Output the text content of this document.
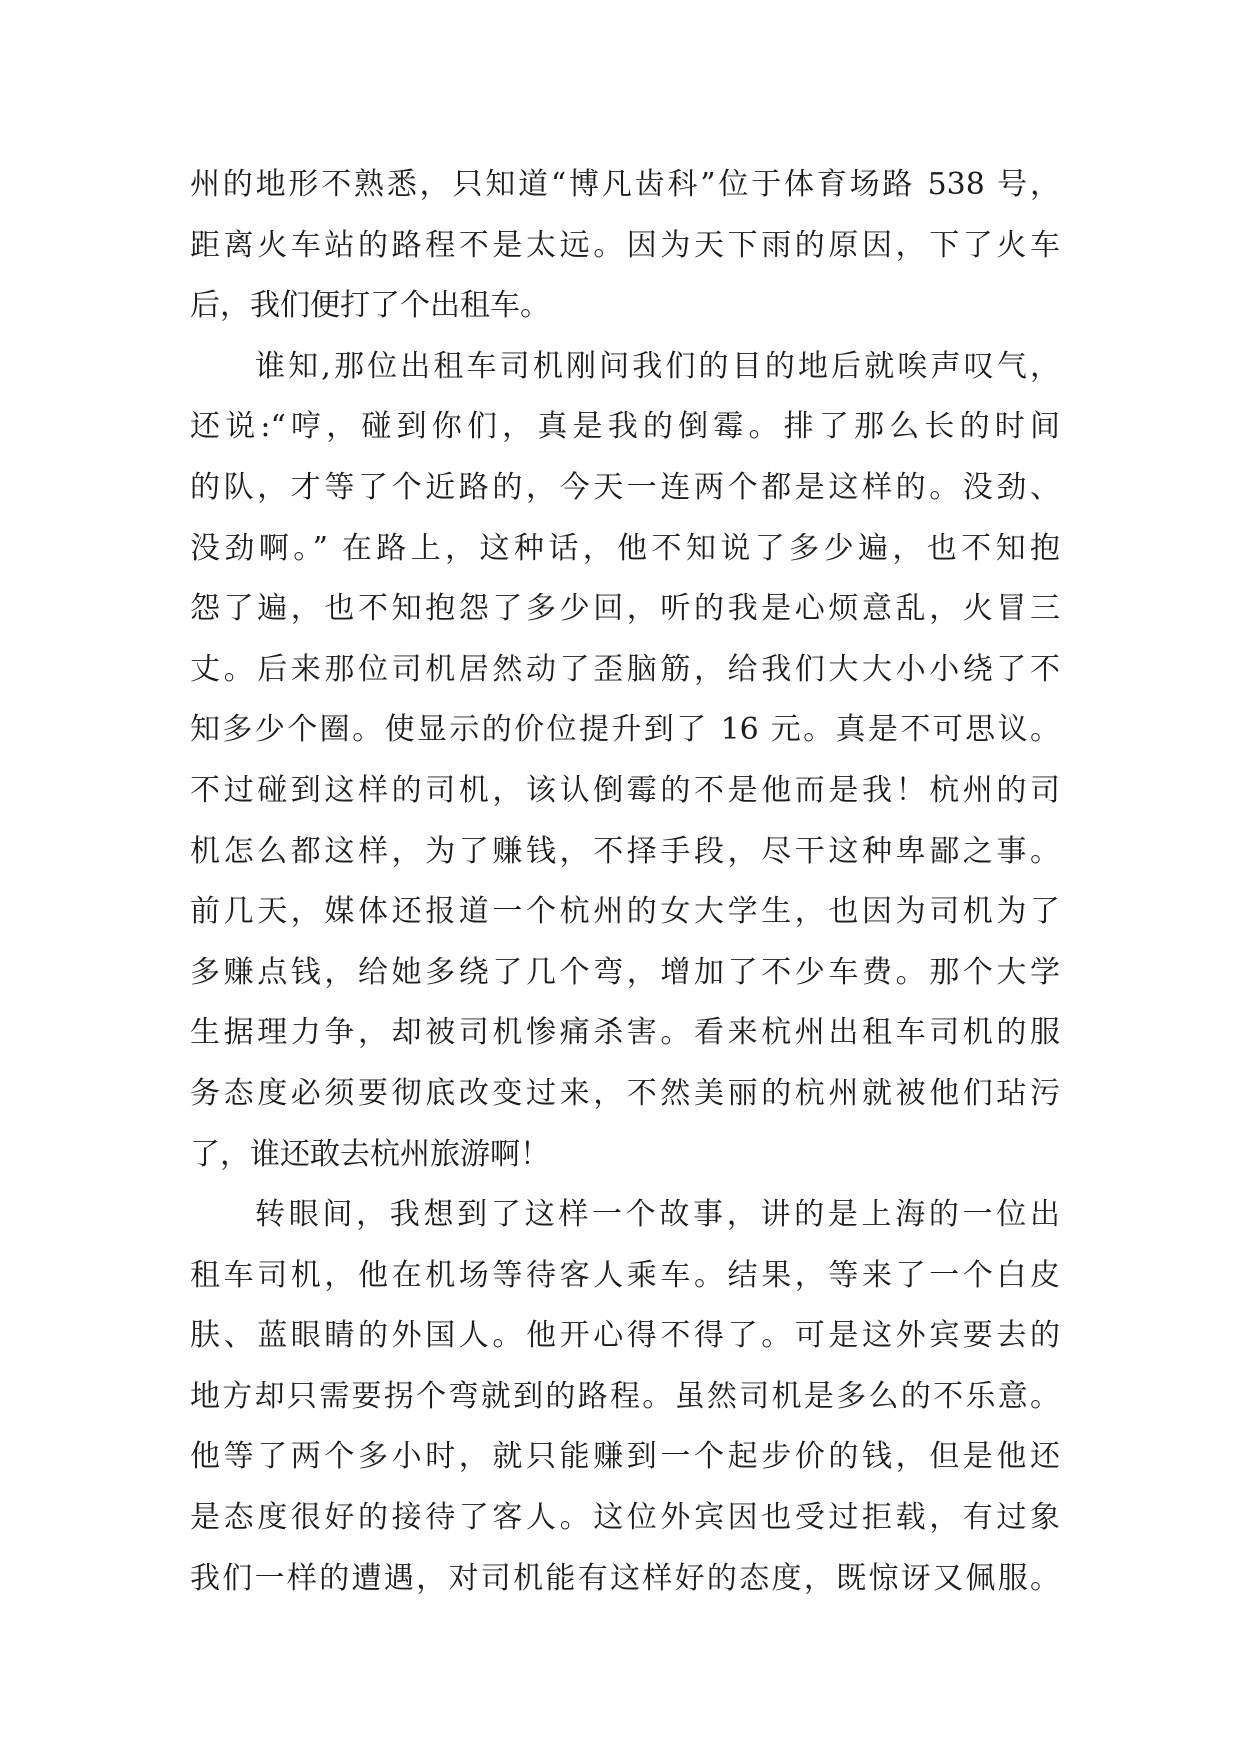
州的地形不熟悉，只知道“博凡齿科”位于体育场路 538 号，
距离火车站的路程不是太远。因为天下雨的原因，下了火车
后，我们便打了个出租车。
谁知,那位出租车司机刚问我们的目的地后就唉声叹气，
还说:“哼，碰到你们，真是我的倒霉。排了那么长的时间
的队，才等了个近路的，今天一连两个都是这样的。没劲、
没劲啊。” 在路上，这种话，他不知说了多少遍，也不知抱
怨了遍，也不知抱怨了多少回，听的我是心烦意乱，火冒三
丈。后来那位司机居然动了歪脑筋，给我们大大小小绕了不
知多少个圈。使显示的价位提升到了 16 元。真是不可思议。
不过碰到这样的司机，该认倒霉的不是他而是我！杭州的司
机怎么都这样，为了赚钱，不择手段，尽干这种卑鄙之事。
前几天，媒体还报道一个杭州的女大学生，也因为司机为了
多赚点钱，给她多绕了几个弯，增加了不少车费。那个大学
生据理力争，却被司机惨痛杀害。看来杭州出租车司机的服
务态度必须要彻底改变过来，不然美丽的杭州就被他们玷污
了，谁还敢去杭州旅游啊！
转眼间，我想到了这样一个故事，讲的是上海的一位出
租车司机，他在机场等待客人乘车。结果，等来了一个白皮
肤、蓝眼睛的外国人。他开心得不得了。可是这外宾要去的
地方却只需要拐个弯就到的路程。虽然司机是多么的不乐意。
他等了两个多小时，就只能赚到一个起步价的钱，但是他还
是态度很好的接待了客人。这位外宾因也受过拒载，有过象
我们一样的遭遇，对司机能有这样好的态度，既惊讶又佩服。
